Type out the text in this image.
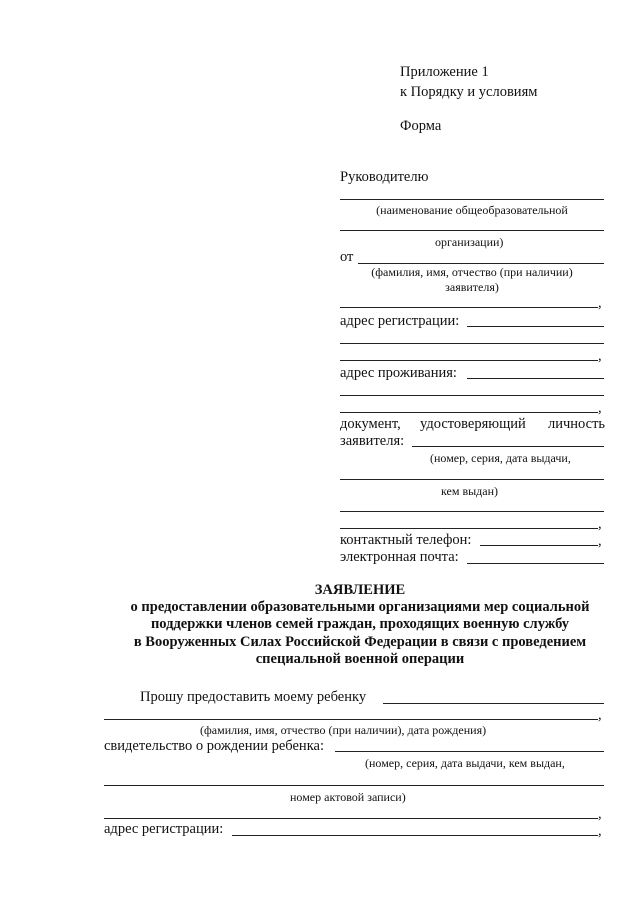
Приложение 1
к Порядку и условиям
Форма
Руководителю
(наименование общеобразовательной
организации)
от
(фамилия, имя, отчество (при наличии)
заявителя)
,
адрес регистрации:
,
адрес проживания:
,
документ, удостоверяющий личность
заявителя:
(номер, серия, дата выдачи,
кем выдан)
,
контактный телефон:	,
электронная почта:
ЗАЯВЛЕНИЕ
о предоставлении образовательными организациями мер социальной
поддержки членов семей граждан, проходящих военную службу
в Вооруженных Силах Российской Федерации в связи с проведением
специальной военной операции
Прошу предоставить моему ребенку
,
(фамилия, имя, отчество (при наличии), дата рождения)
свидетельство о рождении ребенка:
(номер, серия, дата выдачи, кем выдан,
номер актовой записи)
,
адрес регистрации:	,
